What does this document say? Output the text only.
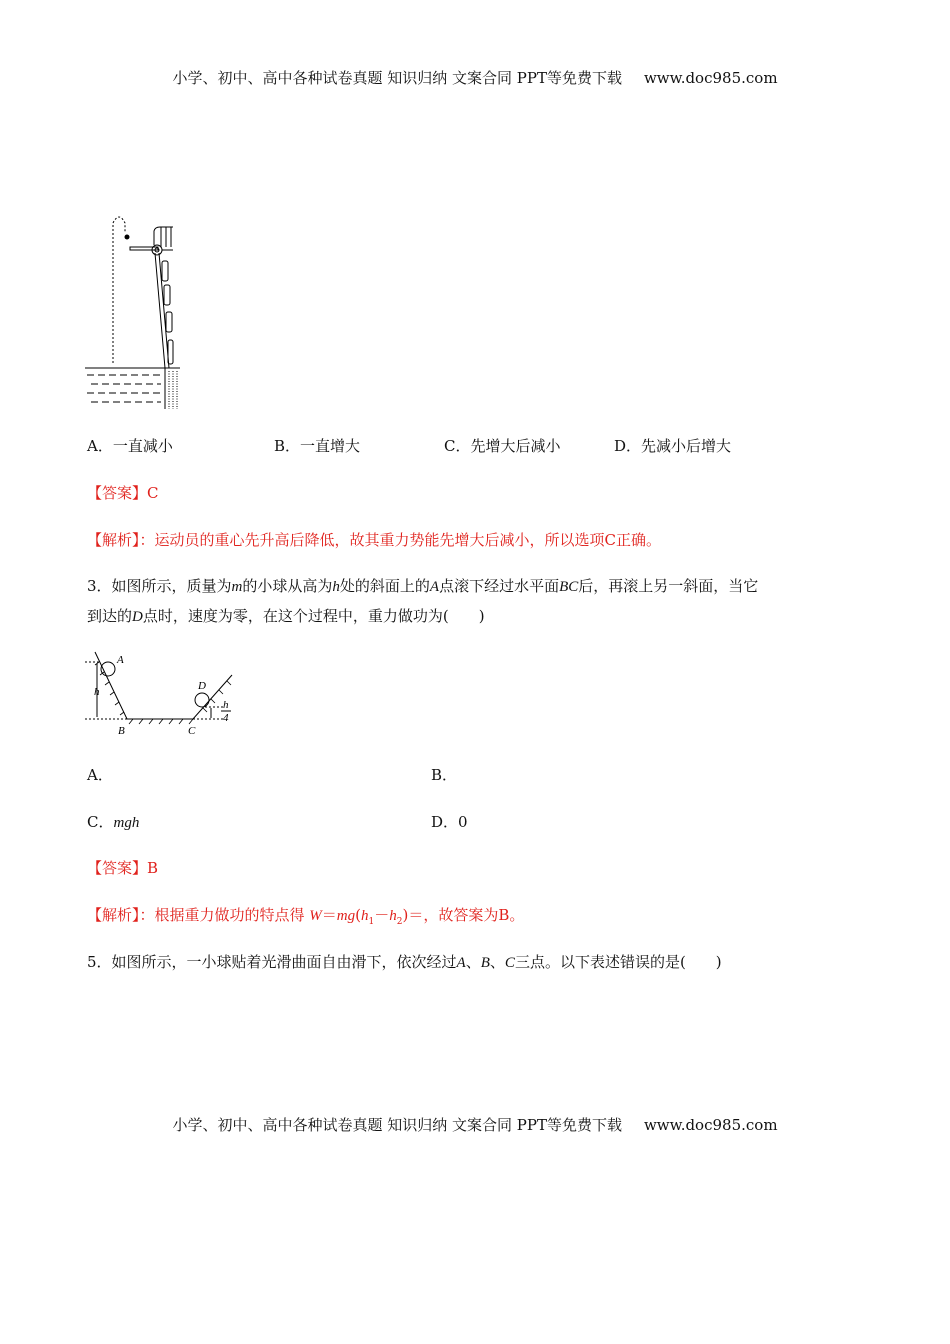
小学、初中、高中各种试卷真题 知识归纳 文案合同 PPT等免费下载 www.doc985.com
A．一直减小	B．一直增大	C．先增大后减小	D．先减小后增大
【答案】C
【解析】：运动员的重心先升高后降低，故其重力势能先增大后减小，所以选项C正确。
3．如图所示，质量为m的小球从高为h处的斜面上的A点滚下经过水平面BC后，再滚上另一斜面，当它
到达的D点时，速度为零，在这个过程中，重力做功为(　　)
A
h
B	C
D
h
4
A．	B．
C．mgh	D．0
【答案】B
【解析】：根据重力做功的特点得 $W=mg(h_1-h_2)=$，故答案为B。
5．如图所示，一小球贴着光滑曲面自由滑下，依次经过A、B、C三点。以下表述错误的是(　　)
小学、初中、高中各种试卷真题 知识归纳 文案合同 PPT等免费下载 www.doc985.com
